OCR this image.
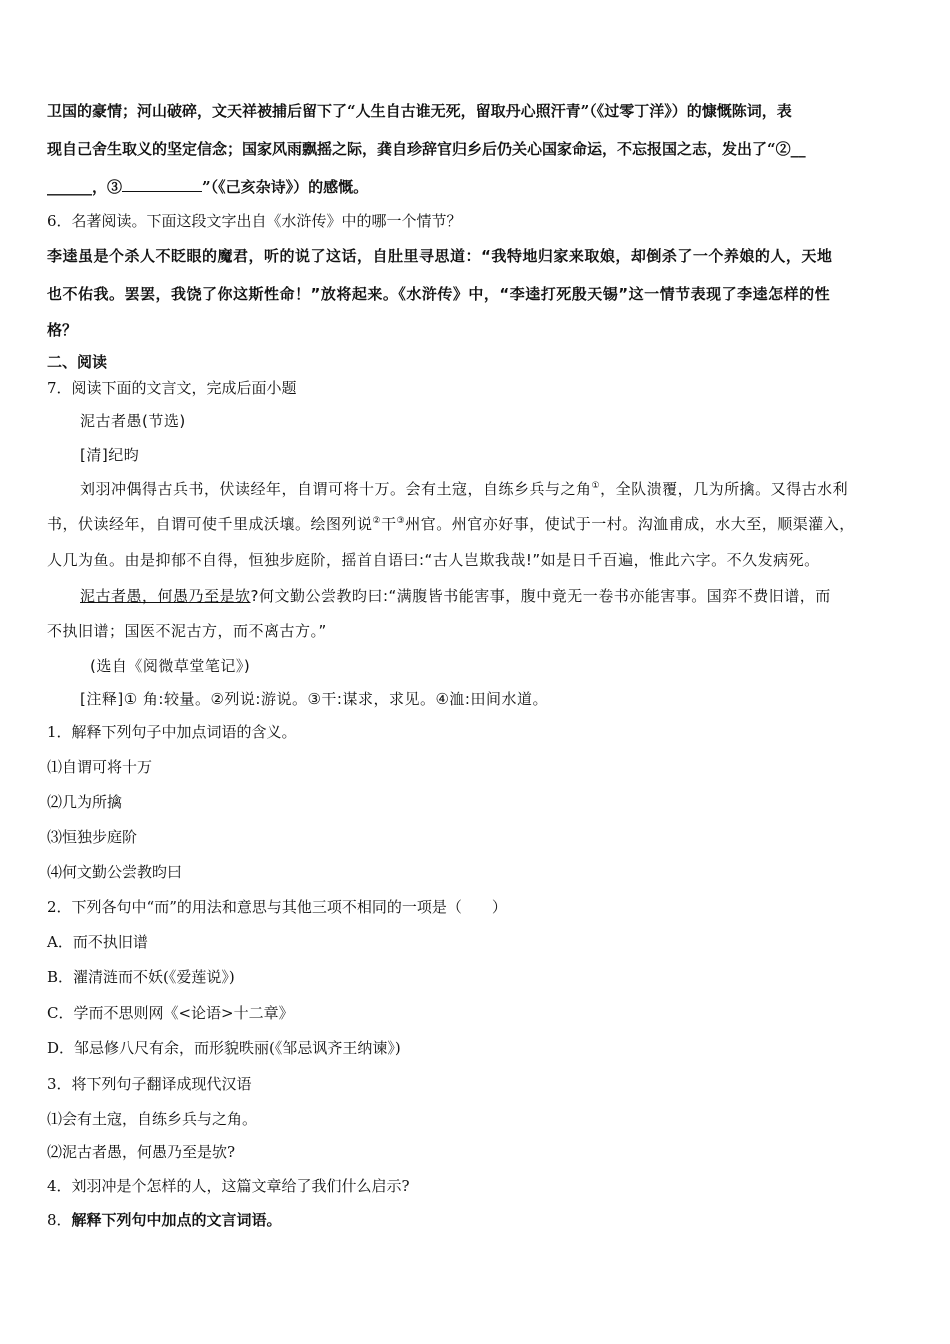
卫国的豪情；河山破碎，文天祥被捕后留下了“人生自古谁无死，留取丹心照汗青”（《过零丁洋》）的慷慨陈词，表
现自己舍生取义的坚定信念；国家风雨飘摇之际，龚自珍辞官归乡后仍关心国家命运，不忘报国之志，发出了“②__
______，③	”（《己亥杂诗》）的感慨。
6．名著阅读。下面这段文字出自《水浒传》中的哪一个情节？
李逵虽是个杀人不眨眼的魔君，听的说了这话，自肚里寻思道：“我特地归家来取娘，却倒杀了一个养娘的人，天地
也不佑我。罢罢，我饶了你这斯性命！”放将起来。《水浒传》中，“李逵打死殷天锡”这一情节表现了李逵怎样的性
格？
二、阅读
7．阅读下面的文言文，完成后面小题
泥古者愚(节选)
[清]纪昀
刘羽冲偶得古兵书，伏读经年，自谓可将十万。会有土寇，自练乡兵与之角①，全队溃覆，几为所擒。又得古水利
书，伏读经年，自谓可使千里成沃壤。绘图列说②干③州官。州官亦好事，使试于一村。沟洫甫成，水大至，顺渠灌入，
人几为鱼。由是抑郁不自得，恒独步庭阶，摇首自语曰:“古人岂欺我哉!”如是日千百遍，惟此六字。不久发病死。
泥古者愚，何愚乃至是欤?何文勤公尝教昀曰:“满腹皆书能害事，腹中竟无一卷书亦能害事。国弈不费旧谱，而
不执旧谱；国医不泥古方，而不离古方。”
(选自《阅微草堂笔记》)
[注释]① 角:较量。②列说:游说。③干:谋求，求见。④洫:田间水道。
1．解释下列句子中加点词语的含义。
⑴自谓可将十万
⑵几为所擒
⑶恒独步庭阶
⑷何文勤公尝教昀曰
2．下列各句中“而”的用法和意思与其他三项不相同的一项是（　　）
A．而不执旧谱
B．濯清涟而不妖(《爱莲说》)
C．学而不思则网《<论语>十二章》
D．邹忌修八尺有余，而形貌昳丽(《邹忌讽齐王纳谏》)
3．将下列句子翻译成现代汉语
⑴会有土寇，自练乡兵与之角。
⑵泥古者愚，何愚乃至是欤?
4．刘羽冲是个怎样的人，这篇文章给了我们什么启示?
8．解释下列句中加点的文言词语。
